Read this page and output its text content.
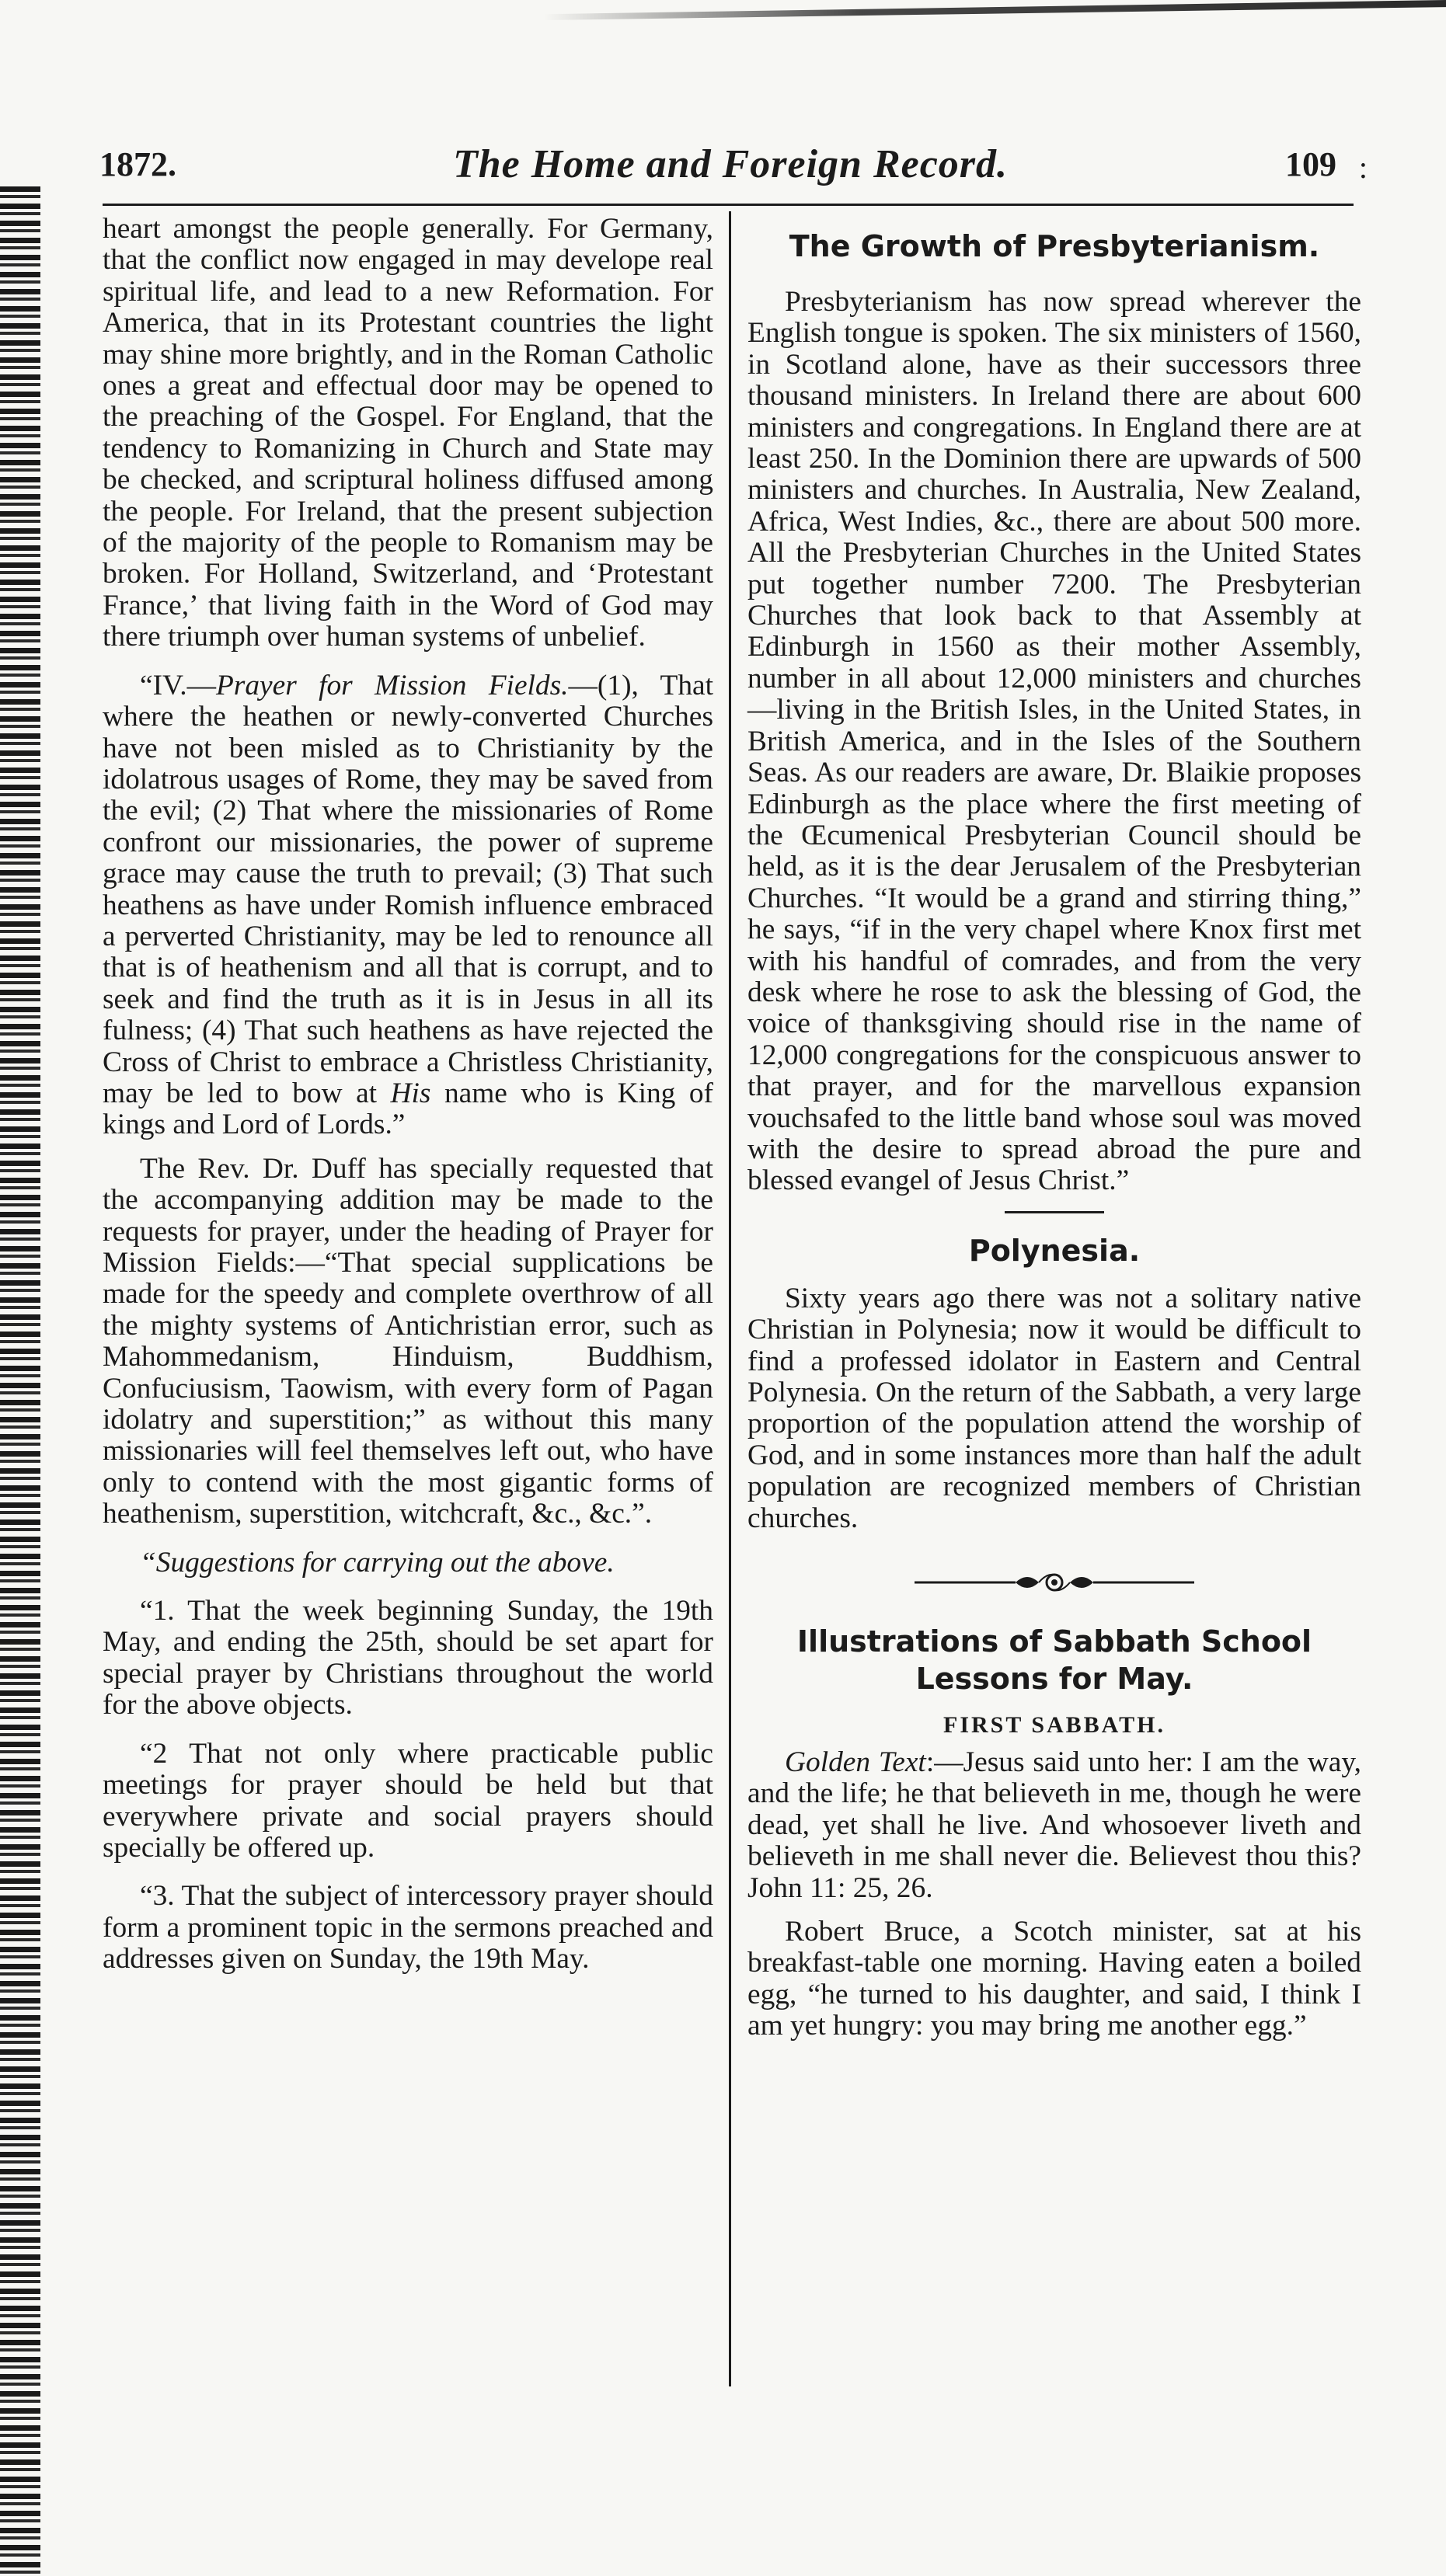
1872.	The Home and Foreign Record.	109 :

heart amongst the people generally. For Germany, that the conflict now engaged in may develope real spiritual life, and lead to a new Reformation. For America, that in its Protestant countries the light may shine more brightly, and in the Roman Catholic ones a great and effectual door may be opened to the preaching of the Gospel. For England, that the tendency to Romanizing in Church and State may be checked, and scriptural holiness diffused among the people. For Ireland, that the present subjection of the majority of the people to Romanism may be broken. For Holland, Switzerland, and ‘Protestant France,’ that living faith in the Word of God may there triumph over human systems of unbelief.

“IV.—Prayer for Mission Fields.—(1), That where the heathen or newly-converted Churches have not been misled as to Christianity by the idolatrous usages of Rome, they may be saved from the evil; (2) That where the missionaries of Rome confront our missionaries, the power of supreme grace may cause the truth to prevail; (3) That such heathens as have under Romish influence embraced a perverted Christianity, may be led to renounce all that is of heathenism and all that is corrupt, and to seek and find the truth as it is in Jesus in all its fulness; (4) That such heathens as have rejected the Cross of Christ to embrace a Christless Christianity, may be led to bow at His name who is King of kings and Lord of Lords.”

The Rev. Dr. Duff has specially requested that the accompanying addition may be made to the requests for prayer, under the heading of Prayer for Mission Fields:—“That special supplications be made for the speedy and complete overthrow of all the mighty systems of Antichristian error, such as Mahommedanism, Hinduism, Buddhism, Confuciusism, Taowism, with every form of Pagan idolatry and superstition;” as without this many missionaries will feel themselves left out, who have only to contend with the most gigantic forms of heathenism, superstition, witchcraft, &c., &c.”.

“Suggestions for carrying out the above.

“1. That the week beginning Sunday, the 19th May, and ending the 25th, should be set apart for special prayer by Christians throughout the world for the above objects.

“2 That not only where practicable public meetings for prayer should be held but that everywhere private and social prayers should specially be offered up.

“3. That the subject of intercessory prayer should form a prominent topic in the sermons preached and addresses given on Sunday, the 19th May.

The Growth of Presbyterianism.

Presbyterianism has now spread wherever the English tongue is spoken. The six ministers of 1560, in Scotland alone, have as their successors three thousand ministers. In Ireland there are about 600 ministers and congregations. In England there are at least 250. In the Dominion there are upwards of 500 ministers and churches. In Australia, New Zealand, Africa, West Indies, &c., there are about 500 more. All the Presbyterian Churches in the United States put together number 7200. The Presbyterian Churches that look back to that Assembly at Edinburgh in 1560 as their mother Assembly, number in all about 12,000 ministers and churches—living in the British Isles, in the United States, in British America, and in the Isles of the Southern Seas. As our readers are aware, Dr. Blaikie proposes Edinburgh as the place where the first meeting of the Œcumenical Presbyterian Council should be held, as it is the dear Jerusalem of the Presbyterian Churches. “It would be a grand and stirring thing,” he says, “if in the very chapel where Knox first met with his handful of comrades, and from the very desk where he rose to ask the blessing of God, the voice of thanksgiving should rise in the name of 12,000 congregations for the conspicuous answer to that prayer, and for the marvellous expansion vouchsafed to the little band whose soul was moved with the desire to spread abroad the pure and blessed evangel of Jesus Christ.”

Polynesia.

Sixty years ago there was not a solitary native Christian in Polynesia; now it would be difficult to find a professed idolator in Eastern and Central Polynesia. On the return of the Sabbath, a very large proportion of the population attend the worship of God, and in some instances more than half the adult population are recognized members of Christian churches.

Illustrations of Sabbath School
Lessons for May.
FIRST SABBATH.

Golden Text:—Jesus said unto her: I am the way, and the life; he that believeth in me, though he were dead, yet shall he live. And whosoever liveth and believeth in me shall never die. Believest thou this? John 11: 25, 26.

Robert Bruce, a Scotch minister, sat at his breakfast-table one morning. Having eaten a boiled egg, “he turned to his daughter, and said, I think I am yet hungry: you may bring me another egg.”
